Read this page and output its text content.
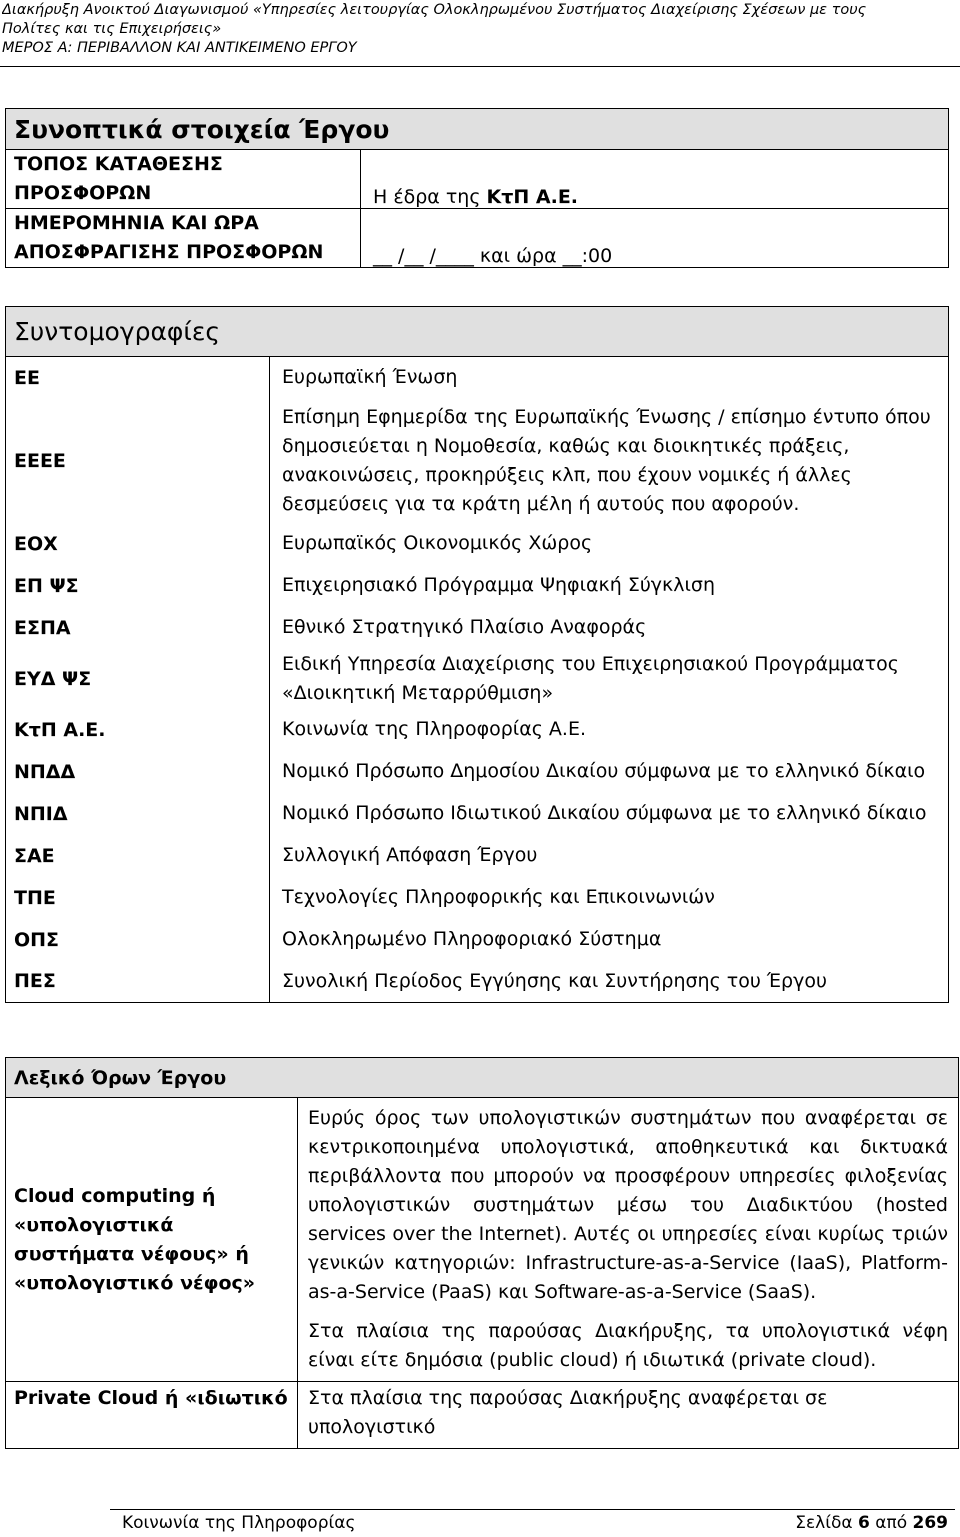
Διακήρυξη Ανοικτού Διαγωνισμού «Υπηρεσίες λειτουργίας Ολοκληρωμένου Συστήματος Διαχείρισης Σχέσεων με τους
Πολίτες και τις Επιχειρήσεις»
ΜΕΡΟΣ Α: ΠΕΡΙΒΑΛΛΟΝ ΚΑΙ ΑΝΤΙΚΕΙΜΕΝΟ ΕΡΓΟΥ
Συνοπτικά στοιχεία Έργου	
ΤΟΠΟΣ ΚΑΤΑΘΕΣΗΣ ΠΡΟΣΦΟΡΩΝ	Η έδρα της ΚτΠ Α.Ε.
ΗΜΕΡΟΜΗΝΙΑ ΚΑΙ ΩΡΑ ΑΠΟΣΦΡΑΓΙΣΗΣ ΠΡΟΣΦΟΡΩΝ	__ /__ /____ και ώρα __:00
Συντομογραφίες	
ΕΕ	Ευρωπαϊκή Ένωση
ΕΕΕΕ	Επίσημη Εφημερίδα της Ευρωπαϊκής Ένωσης / επίσημο έντυπο όπου δημοσιεύεται η Νομοθεσία, καθώς και διοικητικές πράξεις, ανακοινώσεις, προκηρύξεις κλπ, που έχουν νομικές ή άλλες δεσμεύσεις για τα κράτη μέλη ή αυτούς που αφορούν.
ΕΟΧ	Ευρωπαϊκός Οικονομικός Χώρος
ΕΠ ΨΣ	Επιχειρησιακό Πρόγραμμα Ψηφιακή Σύγκλιση
ΕΣΠΑ	Εθνικό Στρατηγικό Πλαίσιο Αναφοράς
ΕΥΔ ΨΣ	Ειδική Υπηρεσία Διαχείρισης του Επιχειρησιακού Προγράμματος «Διοικητική Μεταρρύθμιση»
ΚτΠ Α.Ε.	Κοινωνία της Πληροφορίας Α.Ε.
ΝΠΔΔ	Νομικό Πρόσωπο Δημοσίου Δικαίου σύμφωνα με το ελληνικό δίκαιο
ΝΠΙΔ	Νομικό Πρόσωπο Ιδιωτικού Δικαίου σύμφωνα με το ελληνικό δίκαιο
ΣΑΕ	Συλλογική Απόφαση Έργου
ΤΠΕ	Τεχνολογίες Πληροφορικής και Επικοινωνιών
ΟΠΣ	Ολοκληρωμένο Πληροφοριακό Σύστημα
ΠΕΣ	Συνολική Περίοδος Εγγύησης και Συντήρησης του Έργου
Λεξικό Όρων Έργου	
Cloud computing ή «υπολογιστικά συστήματα νέφους» ή «υπολογιστικό νέφος»	Ευρύς όρος των υπολογιστικών συστημάτων που αναφέρεται σε κεντρικοποιημένα υπολογιστικά, αποθηκευτικά και δικτυακά περιβάλλοντα που μπορούν να προσφέρουν υπηρεσίες φιλοξενίας υπολογιστικών συστημάτων μέσω του Διαδικτύου (hosted services over the Internet). Αυτές οι υπηρεσίες είναι κυρίως τριών γενικών κατηγοριών: Infrastructure-as-a-Service (IaaS), Platform-as-a-Service (PaaS) και Software-as-a-Service (SaaS).

Στα πλαίσια της παρούσας Διακήρυξης, τα υπολογιστικά νέφη είναι είτε δημόσια (public cloud) ή ιδιωτικά (private cloud).

Private Cloud ή «ιδιωτικό	Στα πλαίσια της παρούσας Διακήρυξης αναφέρεται σε υπολογιστικό

Κοινωνία της Πληροφορίας	Σελίδα 6 από 269
